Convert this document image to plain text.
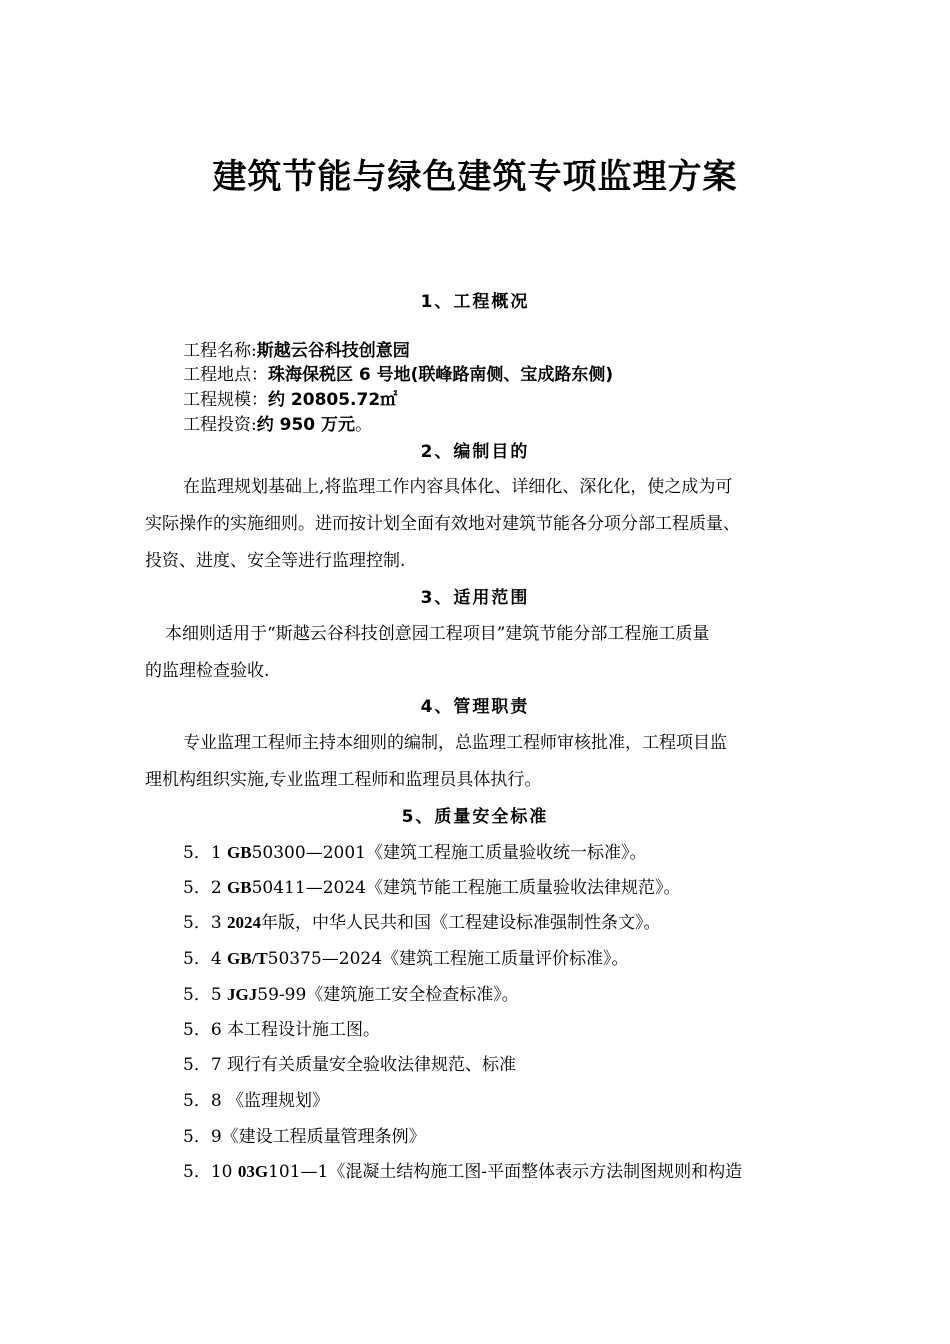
建筑节能与绿色建筑专项监理方案
1、工程概况
工程名称:斯越云谷科技创意园
工程地点：珠海保税区 6 号地(联峰路南侧、宝成路东侧)
工程规模：约 20805.72㎡
工程投资:约 950 万元。
2、编制目的
在监理规划基础上,将监理工作内容具体化、详细化、深化化，使之成为可
实际操作的实施细则。进而按计划全面有效地对建筑节能各分项分部工程质量、
投资、进度、安全等进行监理控制.
3、适用范围
本细则适用于“斯越云谷科技创意园工程项目”建筑节能分部工程施工质量
的监理检查验收.
4、管理职责
专业监理工程师主持本细则的编制，总监理工程师审核批准，工程项目监
理机构组织实施,专业监理工程师和监理员具体执行。
5、质量安全标准
5．1 GB50300—2001《建筑工程施工质量验收统一标准》。
5．2 GB50411—2024《建筑节能工程施工质量验收法律规范》。
5．3 2024年版，中华人民共和国《工程建设标准强制性条文》。
5．4 GB/T50375—2024《建筑工程施工质量评价标准》。
5．5 JGJ59-99《建筑施工安全检查标准》。
5．6 本工程设计施工图。
5．7 现行有关质量安全验收法律规范、标准
5．8 《监理规划》
5．9《建设工程质量管理条例》
5．10 03G101—1《混凝土结构施工图-平面整体表示方法制图规则和构造
